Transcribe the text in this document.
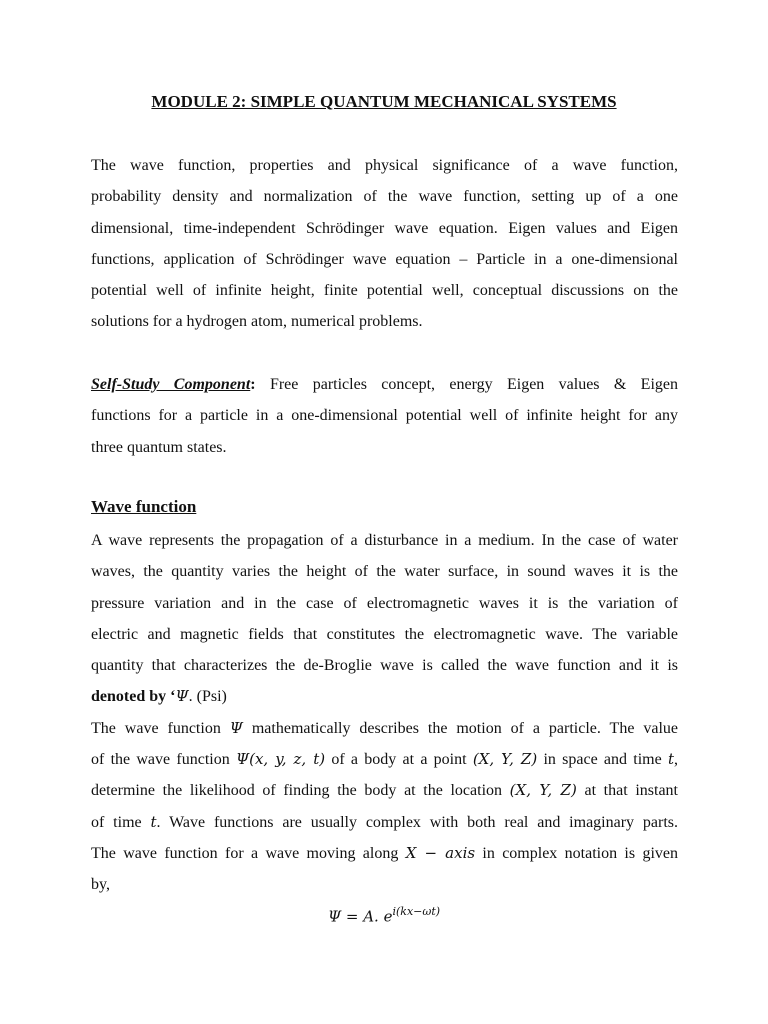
MODULE 2: SIMPLE QUANTUM MECHANICAL SYSTEMS
The wave function, properties and physical significance of a wave function,
probability density and normalization of the wave function, setting up of a one
dimensional, time-independent Schrödinger wave equation. Eigen values and Eigen
functions, application of Schrödinger wave equation – Particle in a one-dimensional
potential well of infinite height, finite potential well, conceptual discussions on the
solutions for a hydrogen atom, numerical problems.
Self-Study Component: Free particles concept, energy Eigen values & Eigen
functions for a particle in a one-dimensional potential well of infinite height for any
three quantum states.
Wave function
A wave represents the propagation of a disturbance in a medium. In the case of water
waves, the quantity varies the height of the water surface, in sound waves it is the
pressure variation and in the case of electromagnetic waves it is the variation of
electric and magnetic fields that constitutes the electromagnetic wave. The variable
quantity that characterizes the de-Broglie wave is called the wave function and it is
denoted by ‘Ψ. (Psi)
The wave function Ψ mathematically describes the motion of a particle. The value
of the wave function Ψ(x, y, z, t) of a body at a point (X, Y, Z) in space and time t,
determine the likelihood of finding the body at the location (X, Y, Z) at that instant
of time t. Wave functions are usually complex with both real and imaginary parts.
The wave function for a wave moving along X − axis in complex notation is given
by,
Ψ = A. $e^{i(kx-\omega t)}$
